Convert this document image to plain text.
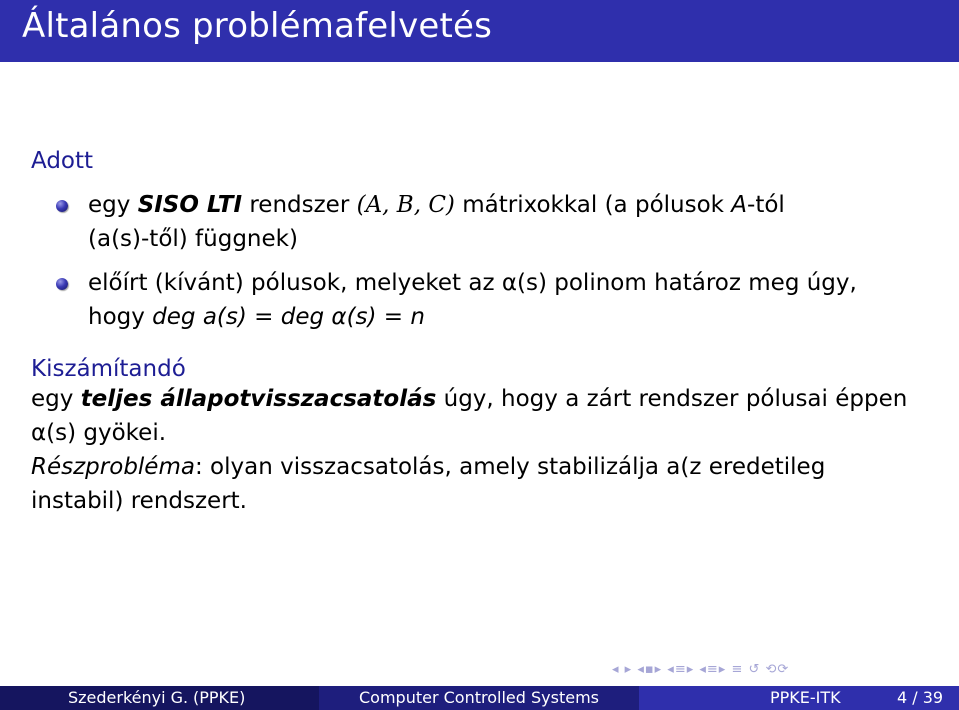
Általános problémafelvetés

Adott

egy SISO LTI rendszer (A, B, C) mátrixokkal (a pólusok A-tól
(a(s)-től) függnek)
előírt (kívánt) pólusok, melyeket az α(s) polinom határoz meg úgy,
hogy deg a(s) = deg α(s) = n

Kiszámítandó

egy teljes állapotvisszacsatolás úgy, hogy a zárt rendszer pólusai éppen
α(s) gyökei.
Részprobléma: olyan visszacsatolás, amely stabilizálja a(z eredetileg
instabil) rendszert.
◂ ▸ ◂▪▸ ◂≡▸ ◂≡▸ ≡ ↺ ⟲⟳
Szederkényi G. (PPKE)	Computer Controlled Systems	PPKE-ITK	4 / 39
